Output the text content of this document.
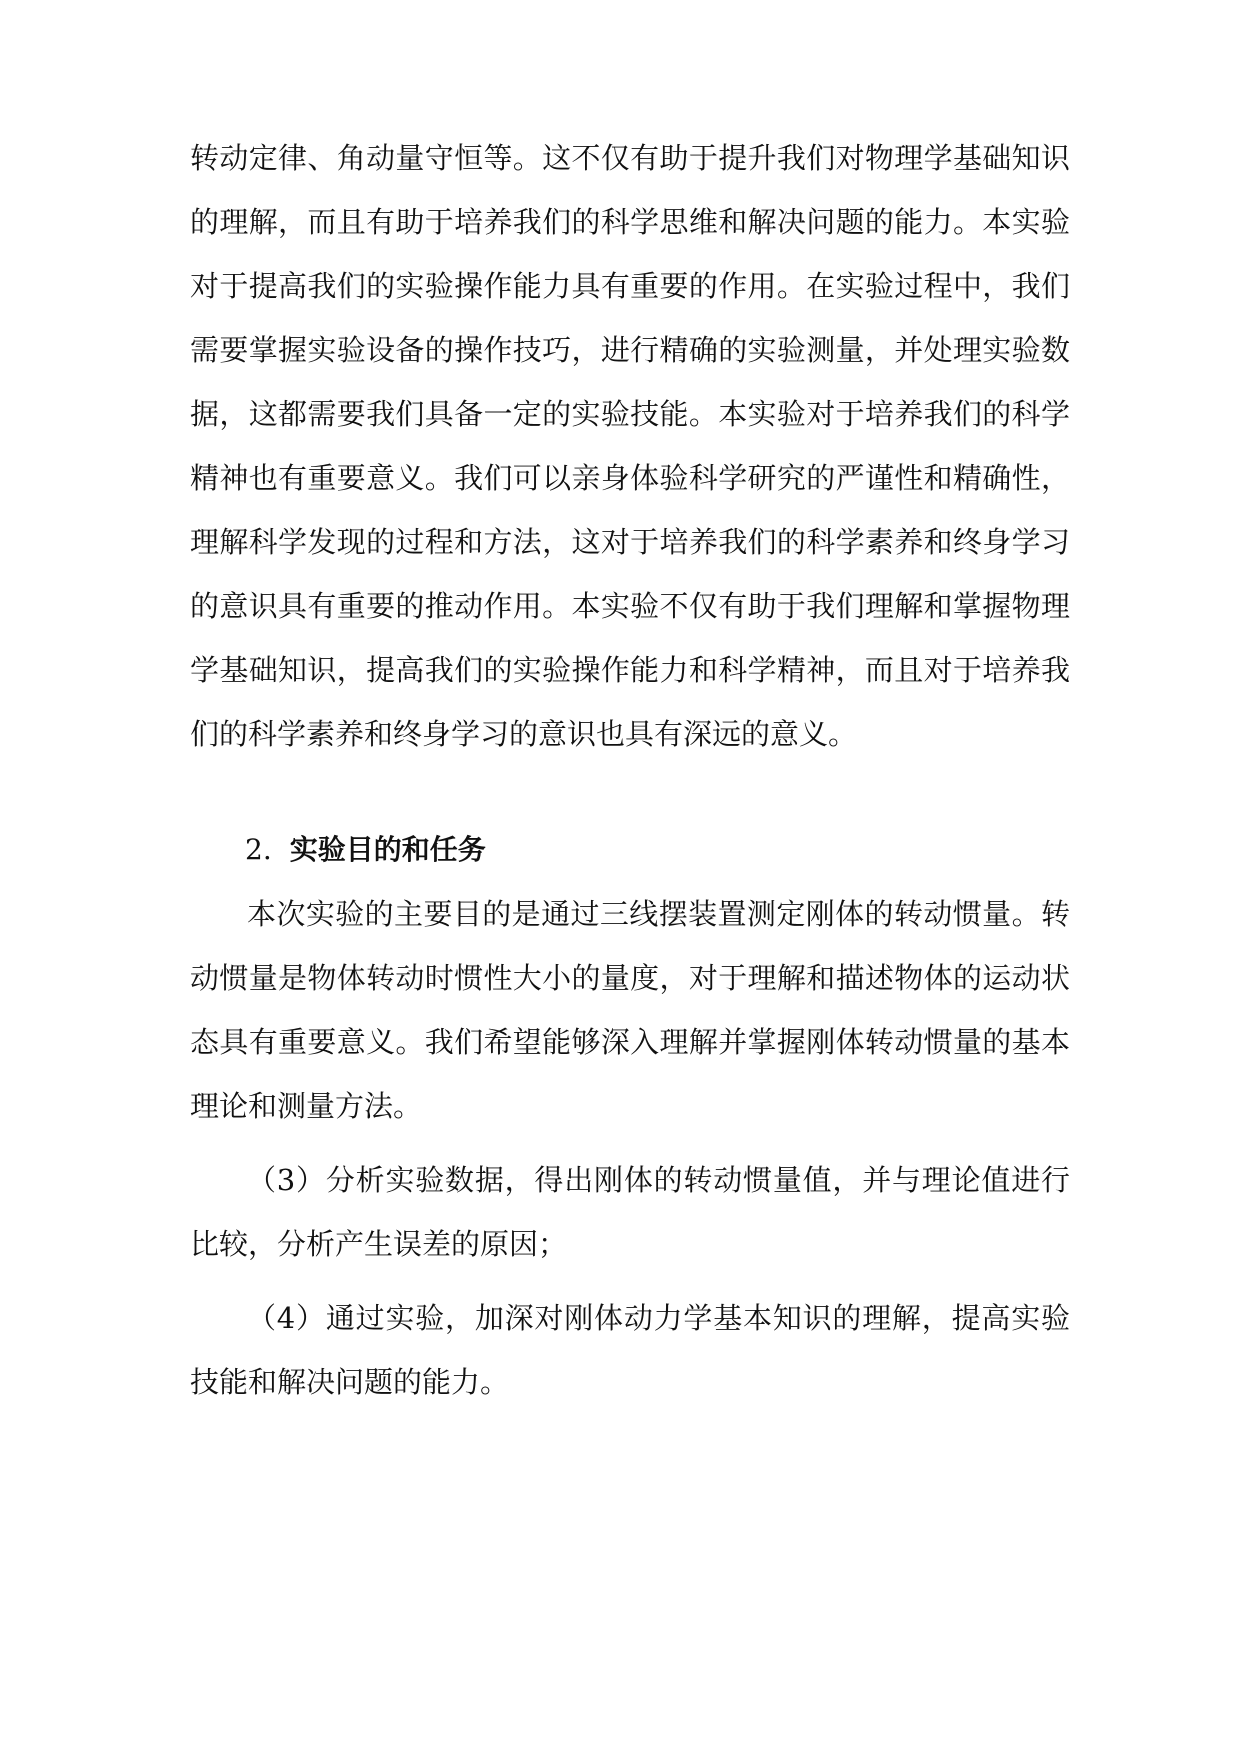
转动定律、角动量守恒等。这不仅有助于提升我们对物理学基础知识
的理解，而且有助于培养我们的科学思维和解决问题的能力。本实验
对于提高我们的实验操作能力具有重要的作用。在实验过程中，我们
需要掌握实验设备的操作技巧，进行精确的实验测量，并处理实验数
据，这都需要我们具备一定的实验技能。本实验对于培养我们的科学
精神也有重要意义。我们可以亲身体验科学研究的严谨性和精确性，
理解科学发现的过程和方法，这对于培养我们的科学素养和终身学习
的意识具有重要的推动作用。本实验不仅有助于我们理解和掌握物理
学基础知识，提高我们的实验操作能力和科学精神，而且对于培养我
们的科学素养和终身学习的意识也具有深远的意义。
2. 实验目的和任务
本次实验的主要目的是通过三线摆装置测定刚体的转动惯量。转
动惯量是物体转动时惯性大小的量度，对于理解和描述物体的运动状
态具有重要意义。我们希望能够深入理解并掌握刚体转动惯量的基本
理论和测量方法。
（3）分析实验数据，得出刚体的转动惯量值，并与理论值进行
比较，分析产生误差的原因；
（4）通过实验，加深对刚体动力学基本知识的理解，提高实验
技能和解决问题的能力。
